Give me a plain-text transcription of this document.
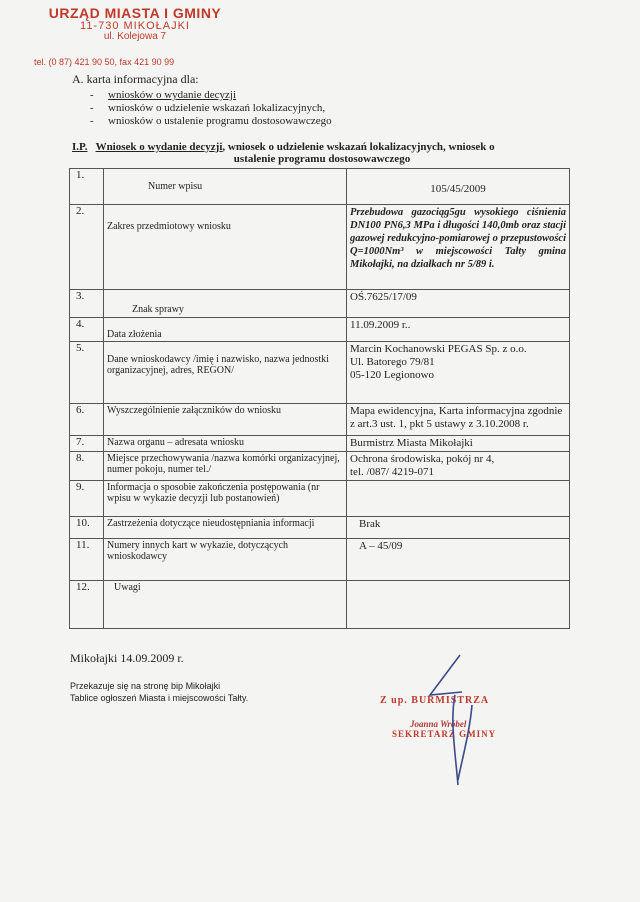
URZĄD MIASTA I GMINY
11-730 MIKOŁAJKI
ul. Kolejowa 7
tel. (0 87) 421 90 50, fax 421 90 99
A. karta informacyjna dla:
- wniosków o wydanie decyzji
- wniosków o udzielenie wskazań lokalizacyjnych,
- wniosków o ustalenie programu dostosowawczego
I.P. Wniosek o wydanie decyzji, wniosek o udzielenie wskazań lokalizacyjnych, wniosek o
ustalenie programu dostosowawczego
1.	Numer wpisu	105/45/2009
2.	Zakres przedmiotowy wniosku	Przebudowa gazociąg5gu wysokiego ciśnienia DN100 PN6,3 MPa i długości 140,0mb oraz stacji gazowej redukcyjno-pomiarowej o przepustowości Q=1000Nm³ w miejscowości Tałty gmina Mikołajki, na działkach nr 5/89 i.
3.	Znak sprawy	OŚ.7625/17/09
4.	Data złożenia	11.09.2009 r..
5.	Dane wnioskodawcy /imię i nazwisko, nazwa jednostki organizacyjnej, adres, REGON/	Marcin Kochanowski PEGAS Sp. z o.o.
Ul. Batorego 79/81
05-120 Legionowo

6.	Wyszczególnienie załączników do wniosku	Mapa ewidencyjna, Karta informacyjna zgodnie z art.3 ust. 1, pkt 5 ustawy z 3.10.2008 r.
7.	Nazwa organu – adresata wniosku	Burmistrz Miasta Mikołajki
8.	Miejsce przechowywania /nazwa komórki organizacyjnej, numer pokoju, numer tel./	Ochrona środowiska, pokój nr 4,
tel. /087/ 4219-071

9.	Informacja o sposobie zakończenia postępowania (nr wpisu w wykazie decyzji lub postanowień)	
10.	Zastrzeżenia dotyczące nieudostępniania informacji	Brak
11.	Numery innych kart w wykazie, dotyczących wnioskodawcy	A – 45/09
12.	Uwagi	
Mikołajki 14.09.2009 r.
Przekazuje się na stronę bip Mikołajki
Tablice ogłoszeń Miasta i miejscowości Tałty.	Z up. BURMISTRZA
Joanna Wróbel
SEKRETARZ GMINY
